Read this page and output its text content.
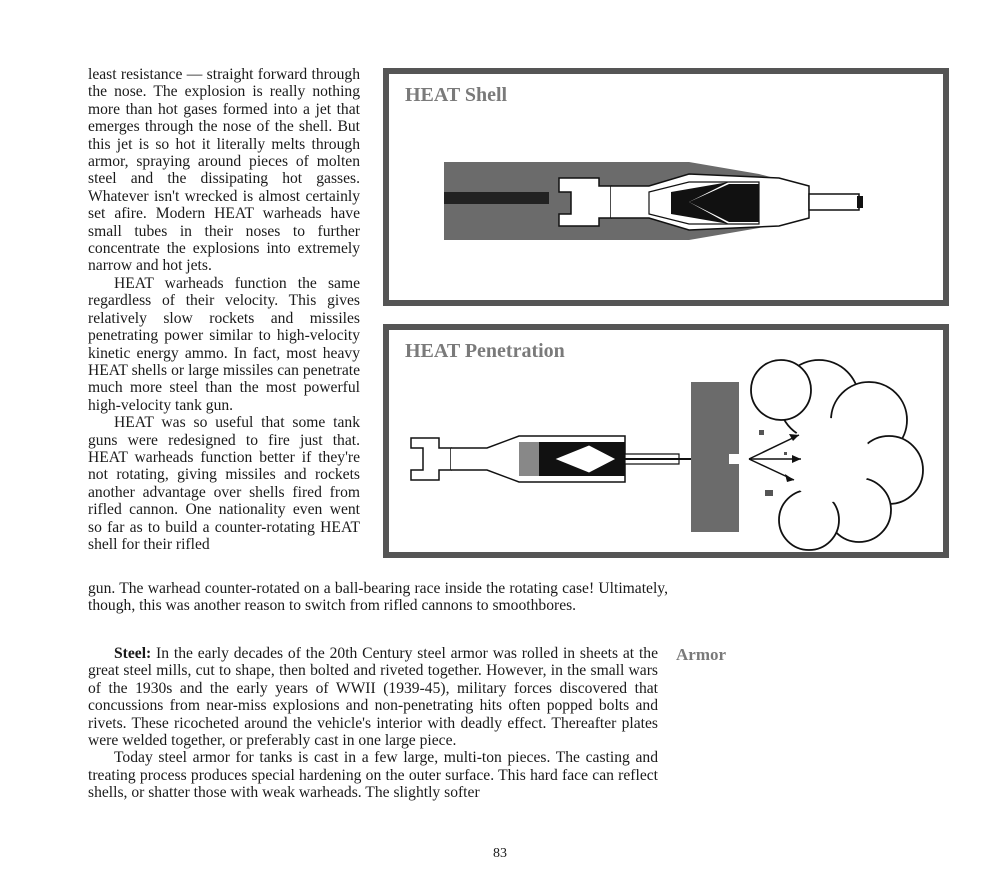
least resistance — straight forward through the nose. The explosion is really nothing more than hot gases formed into a jet that emerges through the nose of the shell. But this jet is so hot it literally melts through armor, spraying around pieces of molten steel and the dissipating hot gasses. Whatever isn't wrecked is almost certainly set afire. Modern HEAT warheads have small tubes in their noses to further concentrate the explosions into extremely narrow and hot jets.

HEAT warheads function the same regardless of their velocity. This gives relatively slow rockets and missiles penetrating power similar to high-velocity kinetic energy ammo. In fact, most heavy HEAT shells or large missiles can penetrate much more steel than the most powerful high-velocity tank gun.

HEAT was so useful that some tank guns were redesigned to fire just that. HEAT warheads function better if they're not rotating, giving missiles and rockets another advantage over shells fired from rifled cannon. One nationality even went so far as to build a counter-rotating HEAT shell for their rifled

HEAT Shell
HEAT Penetration

gun. The warhead counter-rotated on a ball-bearing race inside the rotating case! Ultimately, though, this was another reason to switch from rifled cannons to smoothbores.

Armor

Steel: In the early decades of the 20th Century steel armor was rolled in sheets at the great steel mills, cut to shape, then bolted and riveted together. However, in the small wars of the 1930s and the early years of WWII (1939-45), military forces discovered that concussions from near-miss explosions and non-penetrating hits often popped bolts and rivets. These ricocheted around the vehicle's interior with deadly effect. Thereafter plates were welded together, or preferably cast in one large piece.

Today steel armor for tanks is cast in a few large, multi-ton pieces. The casting and treating process produces special hardening on the outer surface. This hard face can reflect shells, or shatter those with weak warheads. The slightly softer

83
